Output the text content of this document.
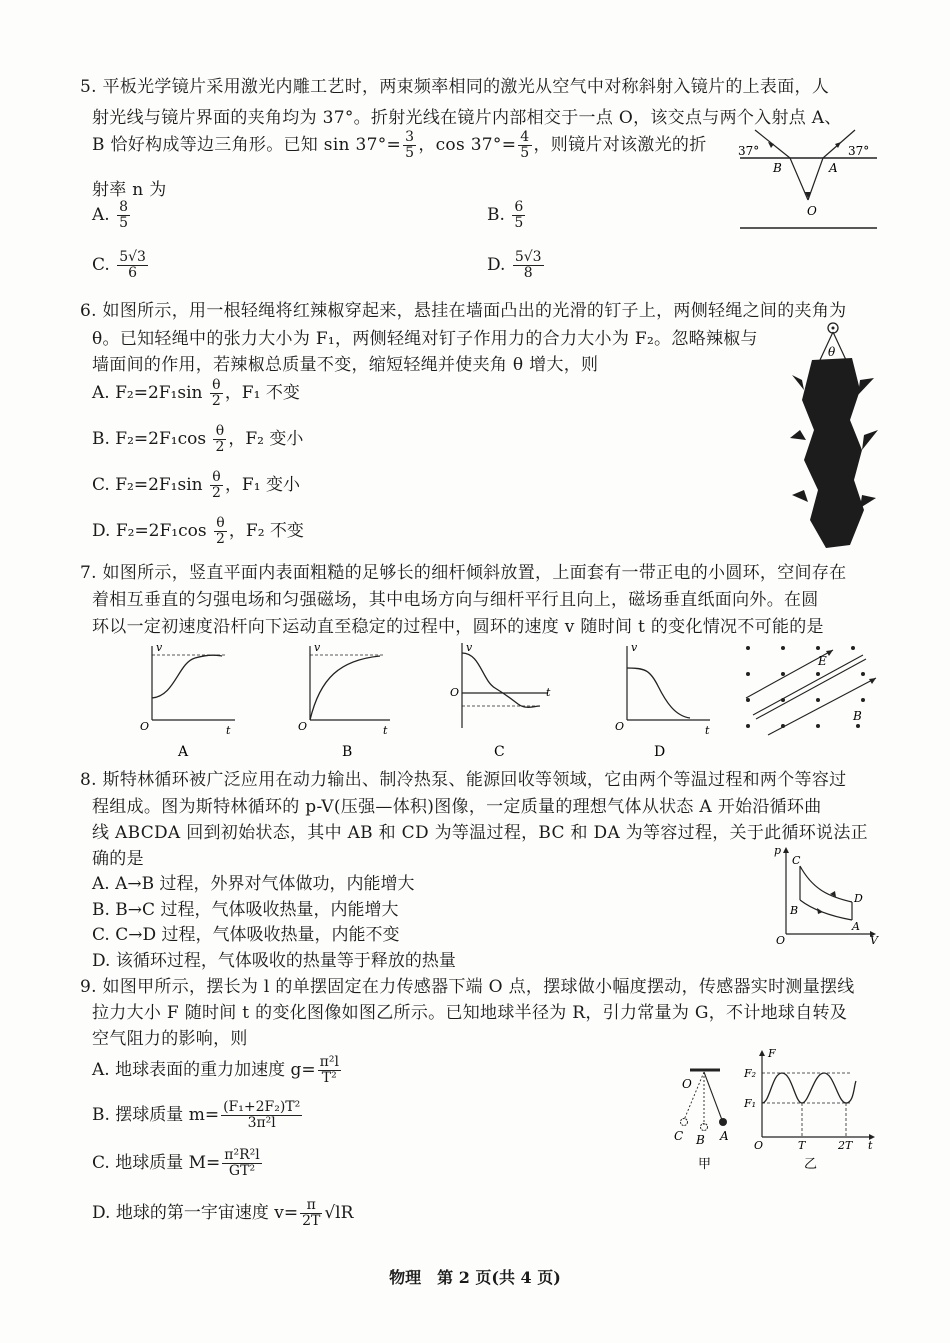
5. 平板光学镜片采用激光内雕工艺时，两束频率相同的激光从空气中对称斜射入镜片的上表面，人
射光线与镜片界面的夹角均为 37°。折射光线在镜片内部相交于一点 O，该交点与两个入射点 A、
B 恰好构成等边三角形。已知 $\sin 37^\circ= \frac{3}{5}$ ，$\cos 37^\circ= \frac{4}{5}$ ，则镜片对该激光的折
射率 n 为
A. $\frac{8}{5}$	B. $\frac{6}{5}$
C. $\frac{5√3}{6}$	D. $\frac{5√3}{8}$
37°	37°
B	A
O
6. 如图所示，用一根轻绳将红辣椒穿起来，悬挂在墙面凸出的光滑的钉子上，两侧轻绳之间的夹角为
θ。已知轻绳中的张力大小为 F₁，两侧轻绳对钉子作用力的合力大小为 F₂。忽略辣椒与
墙面间的作用，若辣椒总质量不变，缩短轻绳并使夹角 θ 增大，则
A. $F_2=2F_1\sin \frac{\theta}{2}$ ，F₁ 不变
B. $F_2=2F_1\cos \frac{\theta}{2}$ ，F₂ 变小
C. $F_2=2F_1\sin \frac{\theta}{2}$ ，F₁ 变小
D. $F_2=2F_1\cos \frac{\theta}{2}$ ，F₂ 不变
θ
7. 如图所示，竖直平面内表面粗糙的足够长的细杆倾斜放置，上面套有一带正电的小圆环，空间存在
着相互垂直的匀强电场和匀强磁场，其中电场方向与细杆平行且向上，磁场垂直纸面向外。在圆
环以一定初速度沿杆向下运动直至稳定的过程中，圆环的速度 v 随时间 t 的变化情况不可能的是
v
t
O
A
v
t
O
B
v
t
O
C
v
t
O
D
E
B
8. 斯特林循环被广泛应用在动力输出、制冷热泵、能源回收等领域，它由两个等温过程和两个等容过
程组成。图为斯特林循环的 p-V(压强—体积)图像，一定质量的理想气体从状态 A 开始沿循环曲
线 ABCDA 回到初始状态，其中 AB 和 CD 为等温过程，BC 和 DA 为等容过程，关于此循环说法正
确的是
A. A→B 过程，外界对气体做功，内能增大
B. B→C 过程，气体吸收热量，内能增大
C. C→D 过程，气体吸收热量，内能不变
D. 该循环过程，气体吸收的热量等于释放的热量
p
V
O
C
D
B
A
9. 如图甲所示，摆长为 l 的单摆固定在力传感器下端 O 点，摆球做小幅度摆动，传感器实时测量摆线
拉力大小 F 随时间 t 的变化图像如图乙所示。已知地球半径为 R，引力常量为 G，不计地球自转及
空气阻力的影响，则
A. 地球表面的重力加速度 $g= \frac{\text{π²l}}{\text{T²}}$
B. 摆球质量 $m= \frac{\text{(F₁+2F₂)T²}}{\text{3π²l}}$
C. 地球质量 $M= \frac{\text{π²R²l}}{\text{GT²}}$
D. 地球的第一宇宙速度 $v= \frac{\pi}{2T} √lR$
O
C B A
甲
F
F₂
F₁
O	T	2T t
乙
物理　第 2 页(共 4 页)
